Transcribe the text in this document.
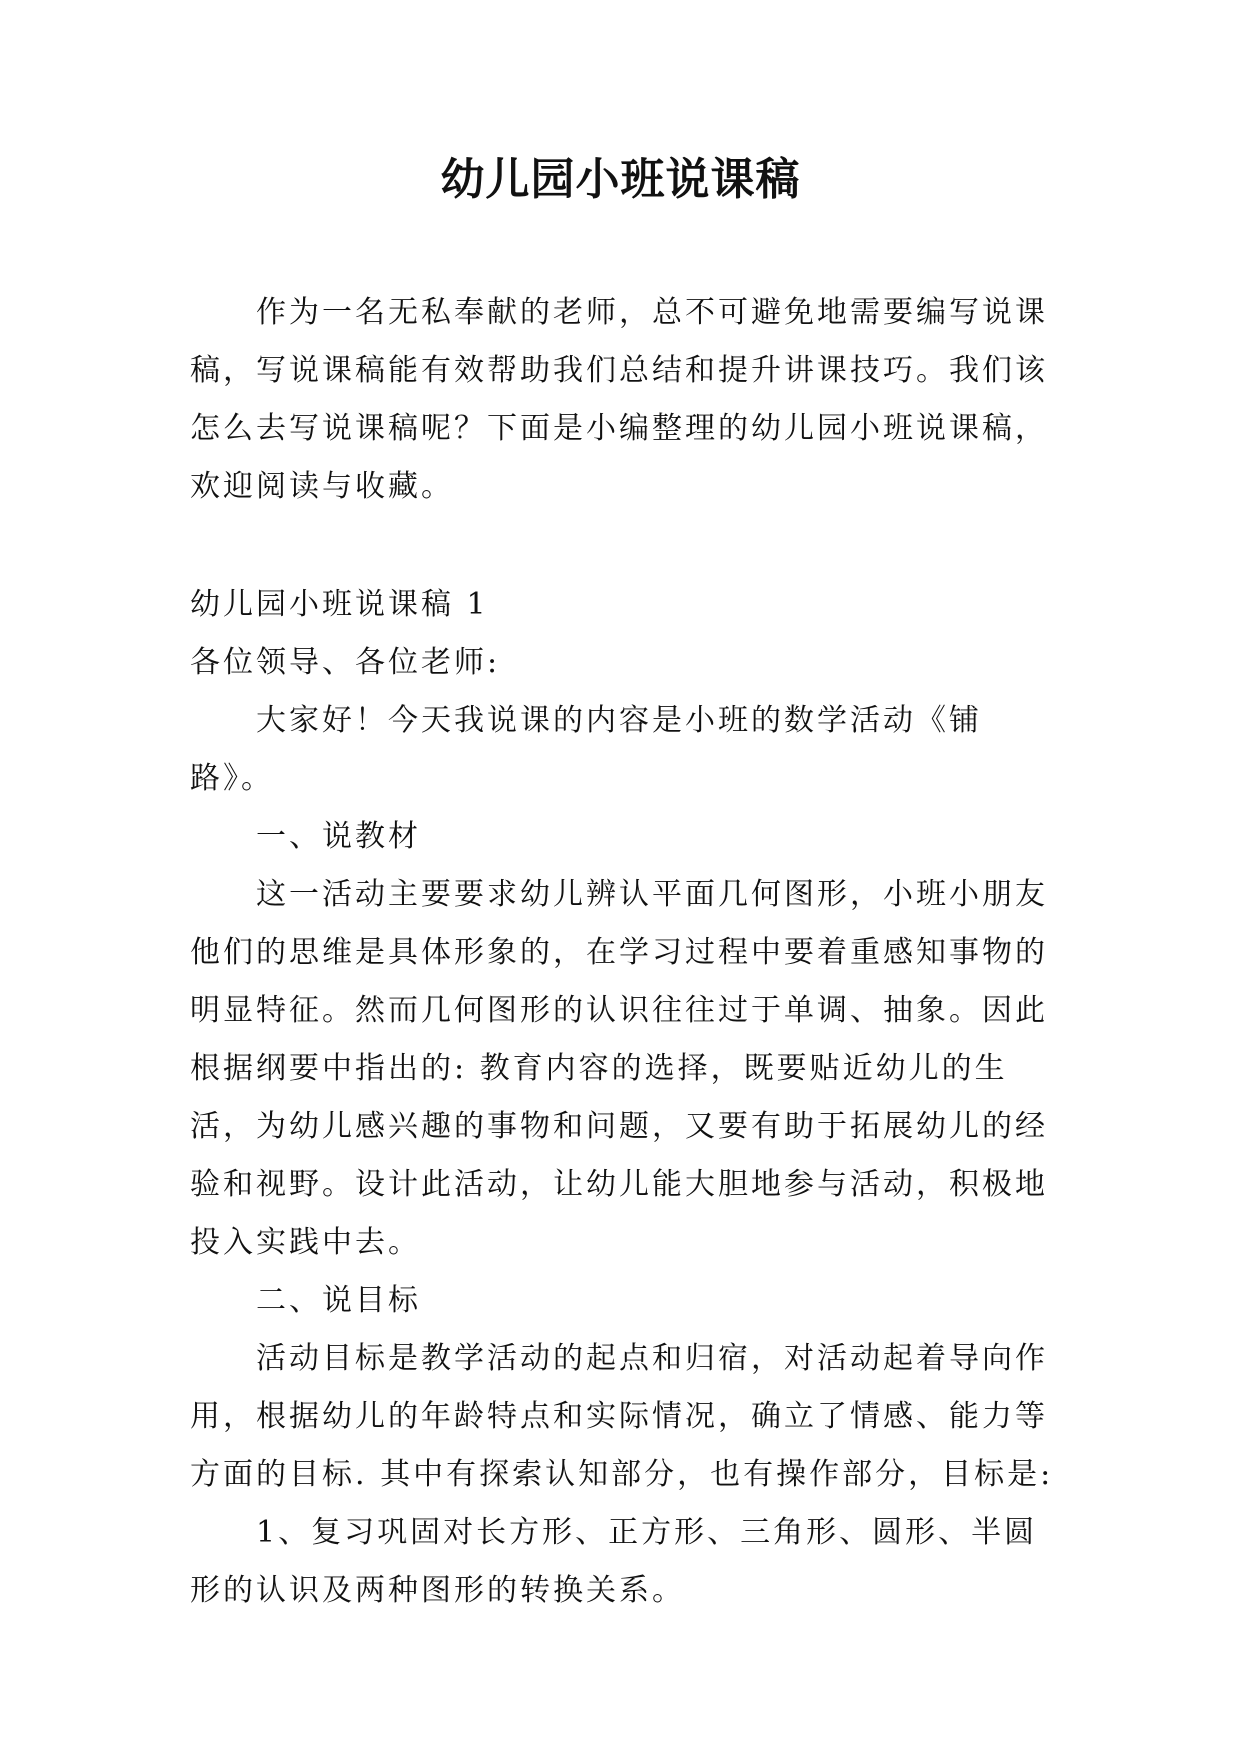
幼儿园小班说课稿

作为一名无私奉献的老师，总不可避免地需要编写说课稿，写说课稿能有效帮助我们总结和提升讲课技巧。我们该怎么去写说课稿呢？下面是小编整理的幼儿园小班说课稿，欢迎阅读与收藏。

幼儿园小班说课稿 1

各位领导、各位老师:

大家好！今天我说课的内容是小班的数学活动《铺路》。

一、说教材

这一活动主要要求幼儿辨认平面几何图形，小班小朋友他们的思维是具体形象的，在学习过程中要着重感知事物的明显特征。然而几何图形的认识往往过于单调、抽象。因此根据纲要中指出的: 教育内容的选择，既要贴近幼儿的生活，为幼儿感兴趣的事物和问题，又要有助于拓展幼儿的经验和视野。设计此活动，让幼儿能大胆地参与活动，积极地投入实践中去。

二、说目标

活动目标是教学活动的起点和归宿，对活动起着导向作用，根据幼儿的年龄特点和实际情况，确立了情感、能力等方面的目标. 其中有探索认知部分，也有操作部分，目标是:

1、复习巩固对长方形、正方形、三角形、圆形、半圆形的认识及两种图形的转换关系。
